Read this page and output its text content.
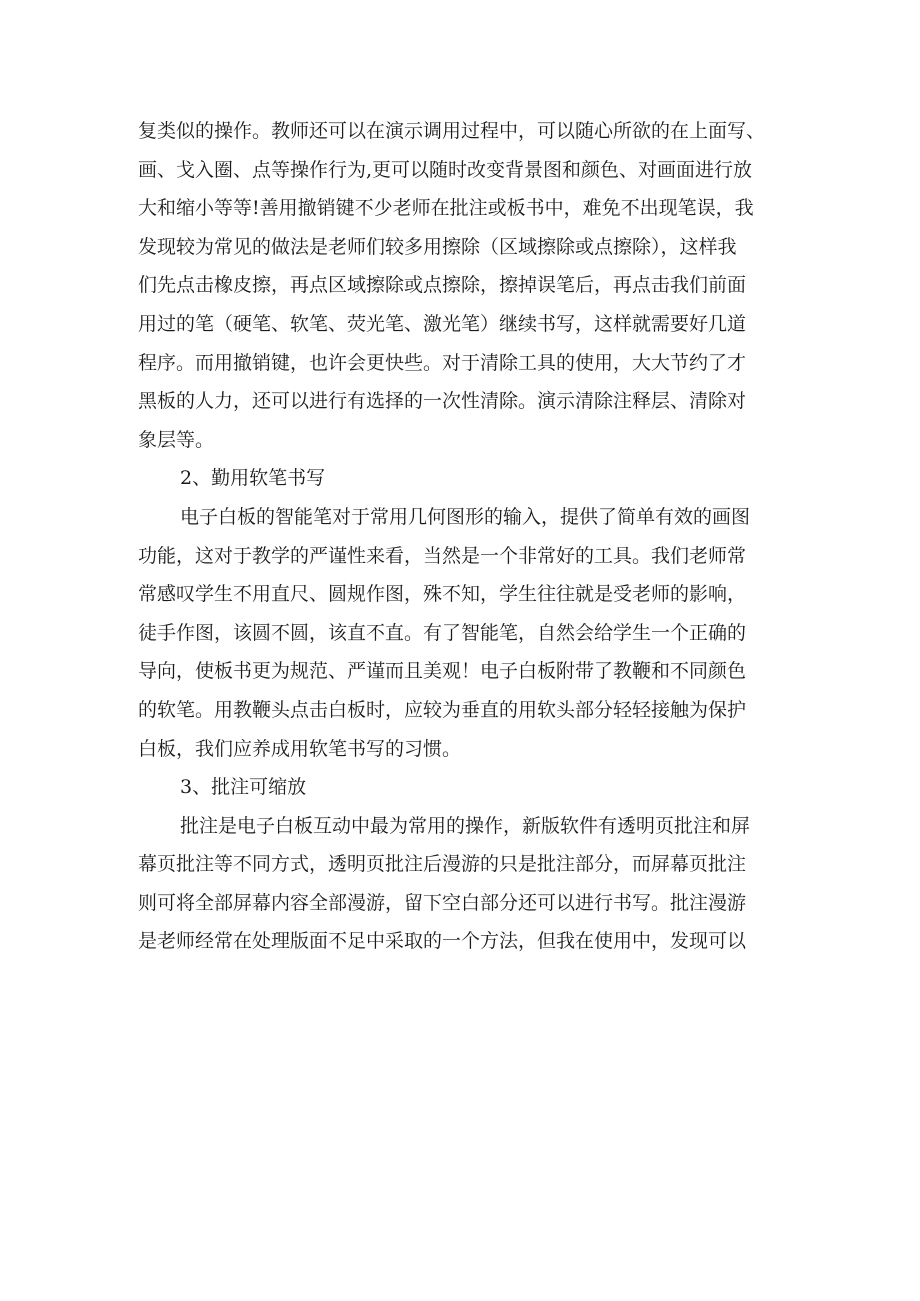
复类似的操作。教师还可以在演示调用过程中，可以随心所欲的在上面写、
画、戈入圈、点等操作行为,更可以随时改变背景图和颜色、对画面进行放
大和缩小等等!善用撤销键不少老师在批注或板书中，难免不出现笔误，我
发现较为常见的做法是老师们较多用擦除（区域擦除或点擦除），这样我
们先点击橡皮擦，再点区域擦除或点擦除，擦掉误笔后，再点击我们前面
用过的笔（硬笔、软笔、荧光笔、激光笔）继续书写，这样就需要好几道
程序。而用撤销键，也许会更快些。对于清除工具的使用，大大节约了才
黑板的人力，还可以进行有选择的一次性清除。演示清除注释层、清除对
象层等。
2、勤用软笔书写
电子白板的智能笔对于常用几何图形的输入，提供了简单有效的画图
功能，这对于教学的严谨性来看，当然是一个非常好的工具。我们老师常
常感叹学生不用直尺、圆规作图，殊不知，学生往往就是受老师的影响，
徒手作图，该圆不圆，该直不直。有了智能笔，自然会给学生一个正确的
导向，使板书更为规范、严谨而且美观！电子白板附带了教鞭和不同颜色
的软笔。用教鞭头点击白板时，应较为垂直的用软头部分轻轻接触为保护
白板，我们应养成用软笔书写的习惯。
3、批注可缩放
批注是电子白板互动中最为常用的操作，新版软件有透明页批注和屏
幕页批注等不同方式，透明页批注后漫游的只是批注部分，而屏幕页批注
则可将全部屏幕内容全部漫游，留下空白部分还可以进行书写。批注漫游
是老师经常在处理版面不足中采取的一个方法，但我在使用中，发现可以
